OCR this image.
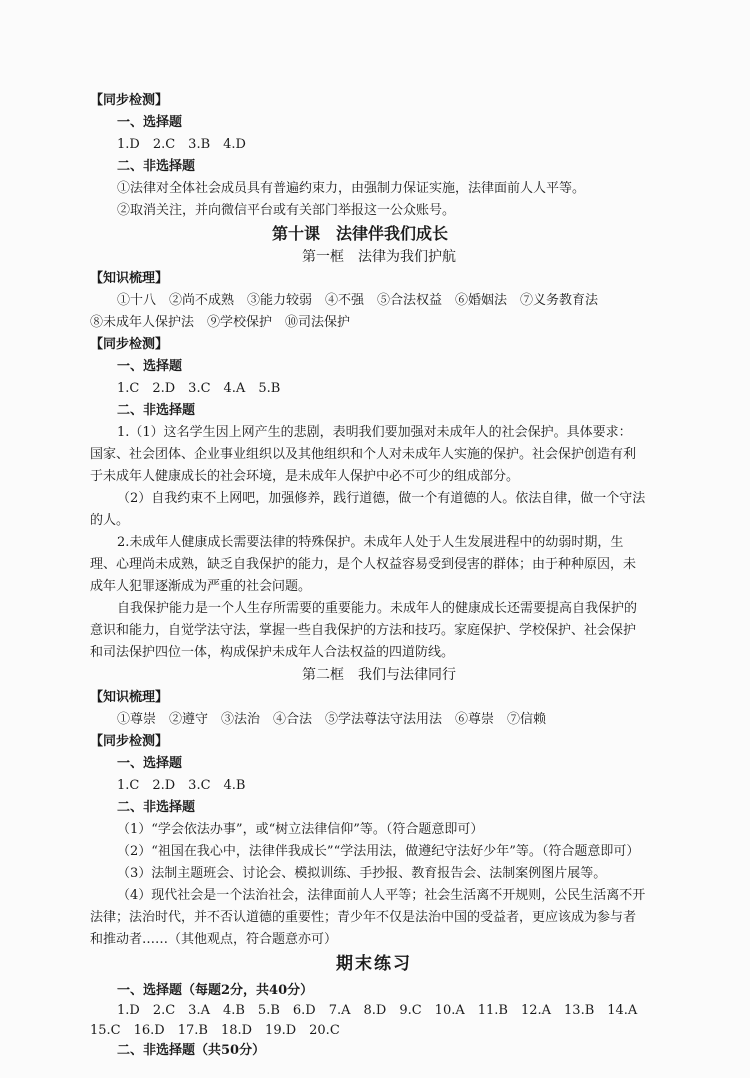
【同步检测】
一、选择题
1.D　2.C　3.B　4.D
二、非选择题
①法律对全体社会成员具有普遍约束力，由强制力保证实施，法律面前人人平等。
②取消关注，并向微信平台或有关部门举报这一公众账号。
第十课　法律伴我们成长
第一框　法律为我们护航
【知识梳理】
①十八　②尚不成熟　③能力较弱　④不强　⑤合法权益　⑥婚姻法　⑦义务教育法
⑧未成年人保护法　⑨学校保护　⑩司法保护
【同步检测】
一、选择题
1.C　2.D　3.C　4.A　5.B
二、非选择题
1.（1）这名学生因上网产生的悲剧，表明我们要加强对未成年人的社会保护。具体要求：
国家、社会团体、企业事业组织以及其他组织和个人对未成年人实施的保护。社会保护创造有利
于未成年人健康成长的社会环境，是未成年人保护中必不可少的组成部分。
（2）自我约束不上网吧，加强修养，践行道德，做一个有道德的人。依法自律，做一个守法
的人。
2.未成年人健康成长需要法律的特殊保护。未成年人处于人生发展进程中的幼弱时期，生
理、心理尚未成熟，缺乏自我保护的能力，是个人权益容易受到侵害的群体；由于种种原因，未
成年人犯罪逐渐成为严重的社会问题。
自我保护能力是一个人生存所需要的重要能力。未成年人的健康成长还需要提高自我保护的
意识和能力，自觉学法守法，掌握一些自我保护的方法和技巧。家庭保护、学校保护、社会保护
和司法保护四位一体，构成保护未成年人合法权益的四道防线。
第二框　我们与法律同行
【知识梳理】
①尊崇　②遵守　③法治　④合法　⑤学法尊法守法用法　⑥尊崇　⑦信赖
【同步检测】
一、选择题
1.C　2.D　3.C　4.B
二、非选择题
（1）“学会依法办事”，或“树立法律信仰”等。（符合题意即可）
（2）“祖国在我心中，法律伴我成长”“学法用法，做遵纪守法好少年”等。（符合题意即可）
（3）法制主题班会、讨论会、模拟训练、手抄报、教育报告会、法制案例图片展等。
（4）现代社会是一个法治社会，法律面前人人平等；社会生活离不开规则，公民生活离不开
法律；法治时代，并不否认道德的重要性；青少年不仅是法治中国的受益者，更应该成为参与者
和推动者……（其他观点，符合题意亦可）
期末练习
一、选择题（每题2分，共40分）
1.D　2.C　3.A　4.B　5.B　6.D　7.A　8.D　9.C　10.A　11.B　12.A　13.B　14.A
15.C　16.D　17.B　18.D　19.D　20.C
二、非选择题（共50分）
